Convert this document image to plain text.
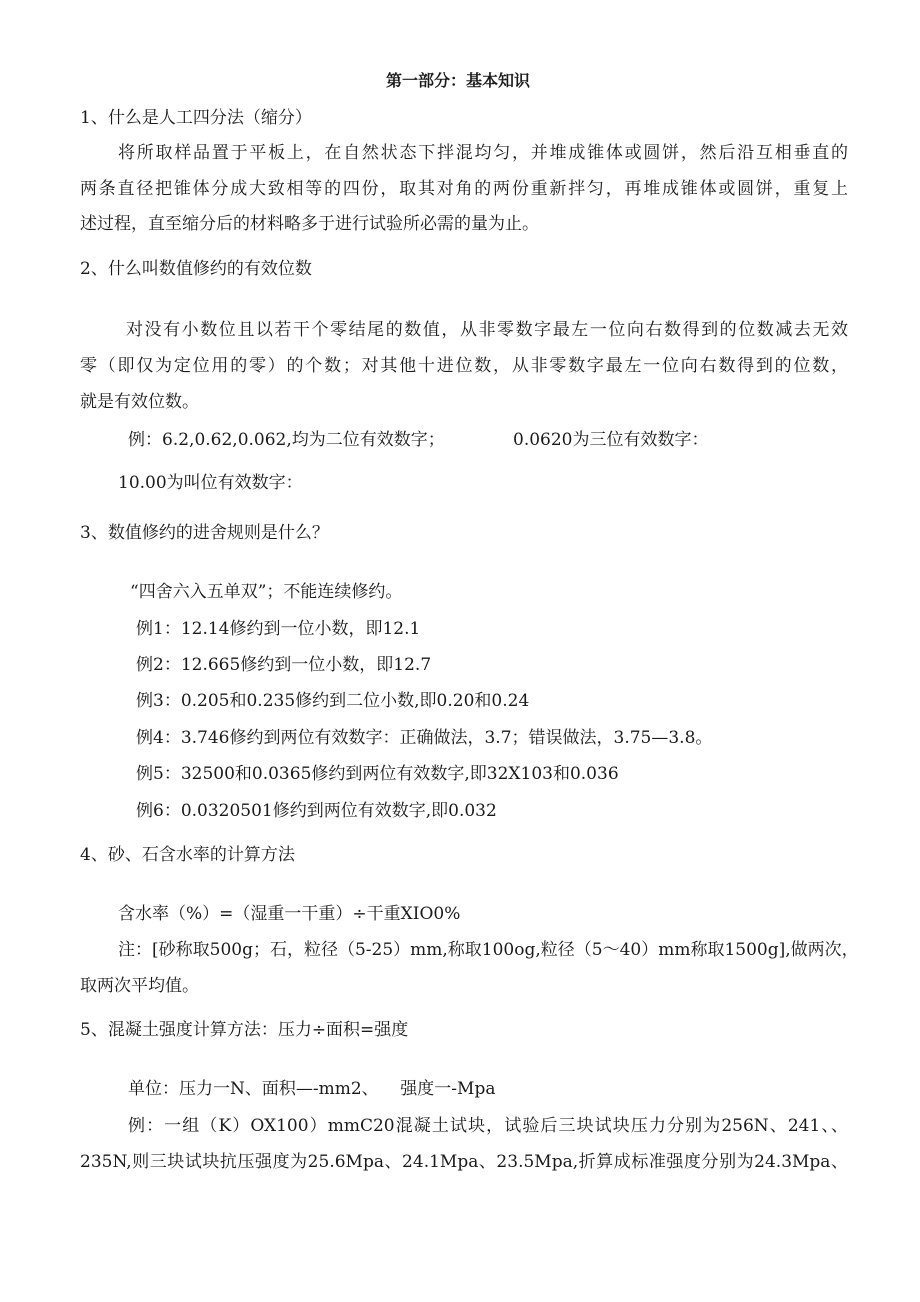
第一部分：基本知识
1、什么是人工四分法（缩分）
将所取样品置于平板上，在自然状态下拌混均匀，并堆成锥体或圆饼，然后沿互相垂直的
两条直径把锥体分成大致相等的四份，取其对角的两份重新拌匀，再堆成锥体或圆饼，重复上
述过程，直至缩分后的材料略多于进行试验所必需的量为止。
2、什么叫数值修约的有效位数
对没有小数位且以若干个零结尾的数值，从非零数字最左一位向右数得到的位数减去无效
零（即仅为定位用的零）的个数；对其他十进位数，从非零数字最左一位向右数得到的位数，
就是有效位数。
例：6.2,0.62,0.062,均为二位有效数字；	0.0620为三位有效数字：
10.00为叫位有效数字：
3、数值修约的进舍规则是什么？
“四舍六入五单双”；不能连续修约。
例1：12.14修约到一位小数，即12.1
例2：12.665修约到一位小数，即12.7
例3：0.205和0.235修约到二位小数,即0.20和0.24
例4：3.746修约到两位有效数字：正确做法，3.7；错误做法，3.75—3.8。
例5：32500和0.0365修约到两位有效数字,即32X103和0.036
例6：0.0320501修约到两位有效数字,即0.032
4、砂、石含水率的计算方法
含水率（%）=（湿重一干重）÷干重XIO0%
注：[砂称取500g；石，粒径（5-25）mm,称取100og,粒径（5～40）mm称取1500g],做两次，
取两次平均值。
5、混凝土强度计算方法：压力÷面积=强度
单位：压力一N、面积—-mm2、    强度一-Mpa
例：一组（K）OX100）mmC20混凝土试块，试验后三块试块压力分别为256N、241、、
235N,则三块试块抗压强度为25.6Mpa、24.1Mpa、23.5Mpa,折算成标准强度分别为24.3Mpa、
